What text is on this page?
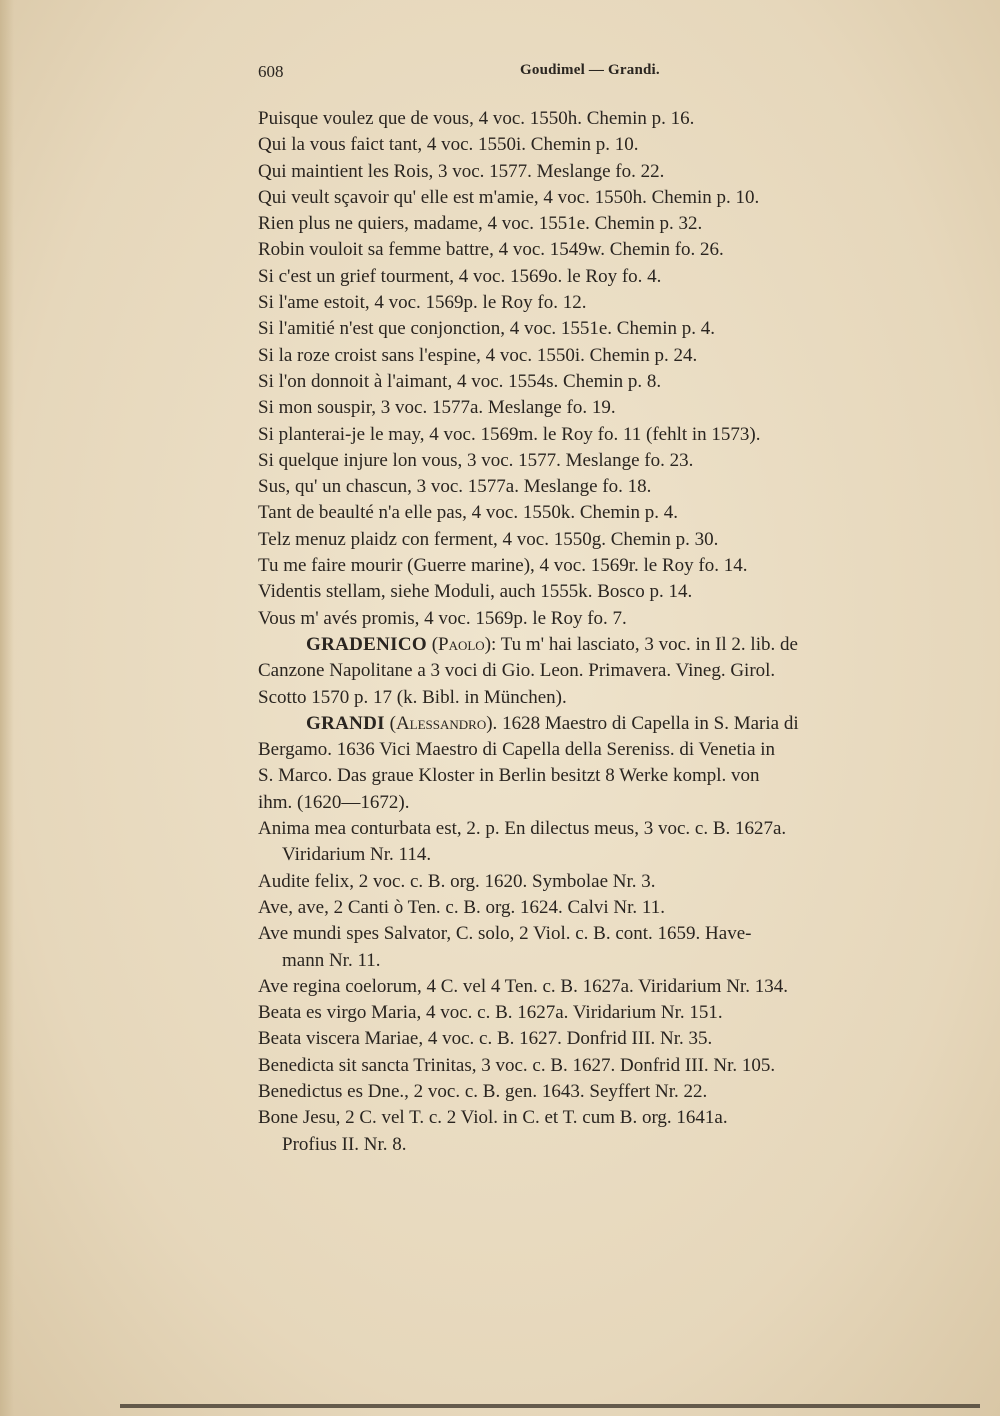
608	Goudimel — Grandi.
Puisque voulez que de vous, 4 voc. 1550h. Chemin p. 16.
Qui la vous faict tant, 4 voc. 1550i. Chemin p. 10.
Qui maintient les Rois, 3 voc. 1577. Meslange fo. 22.
Qui veult sçavoir qu' elle est m'amie, 4 voc. 1550h. Chemin p. 10.
Rien plus ne quiers, madame, 4 voc. 1551e. Chemin p. 32.
Robin vouloit sa femme battre, 4 voc. 1549w. Chemin fo. 26.
Si c'est un grief tourment, 4 voc. 1569o. le Roy fo. 4.
Si l'ame estoit, 4 voc. 1569p. le Roy fo. 12.
Si l'amitié n'est que conjonction, 4 voc. 1551e. Chemin p. 4.
Si la roze croist sans l'espine, 4 voc. 1550i. Chemin p. 24.
Si l'on donnoit à l'aimant, 4 voc. 1554s. Chemin p. 8.
Si mon souspir, 3 voc. 1577a. Meslange fo. 19.
Si planterai-je le may, 4 voc. 1569m. le Roy fo. 11 (fehlt in 1573).
Si quelque injure lon vous, 3 voc. 1577. Meslange fo. 23.
Sus, qu' un chascun, 3 voc. 1577a. Meslange fo. 18.
Tant de beaulté n'a elle pas, 4 voc. 1550k. Chemin p. 4.
Telz menuz plaidz con ferment, 4 voc. 1550g. Chemin p. 30.
Tu me faire mourir (Guerre marine), 4 voc. 1569r. le Roy fo. 14.
Videntis stellam, siehe Moduli, auch 1555k. Bosco p. 14.
Vous m' avés promis, 4 voc. 1569p. le Roy fo. 7.
GRADENICO (Paolo): Tu m' hai lasciato, 3 voc. in Il 2. lib. de
Canzone Napolitane a 3 voci di Gio. Leon. Primavera. Vineg. Girol.
Scotto 1570 p. 17 (k. Bibl. in München).
GRANDI (Alessandro). 1628 Maestro di Capella in S. Maria di
Bergamo. 1636 Vici Maestro di Capella della Sereniss. di Venetia in
S. Marco. Das graue Kloster in Berlin besitzt 8 Werke kompl. von
ihm. (1620—1672).
Anima mea conturbata est, 2. p. En dilectus meus, 3 voc. c. B. 1627a.
Viridarium Nr. 114.
Audite felix, 2 voc. c. B. org. 1620. Symbolae Nr. 3.
Ave, ave, 2 Canti ò Ten. c. B. org. 1624. Calvi Nr. 11.
Ave mundi spes Salvator, C. solo, 2 Viol. c. B. cont. 1659. Have-
mann Nr. 11.
Ave regina coelorum, 4 C. vel 4 Ten. c. B. 1627a. Viridarium Nr. 134.
Beata es virgo Maria, 4 voc. c. B. 1627a. Viridarium Nr. 151.
Beata viscera Mariae, 4 voc. c. B. 1627. Donfrid III. Nr. 35.
Benedicta sit sancta Trinitas, 3 voc. c. B. 1627. Donfrid III. Nr. 105.
Benedictus es Dne., 2 voc. c. B. gen. 1643. Seyffert Nr. 22.
Bone Jesu, 2 C. vel T. c. 2 Viol. in C. et T. cum B. org. 1641a.
Profius II. Nr. 8.
